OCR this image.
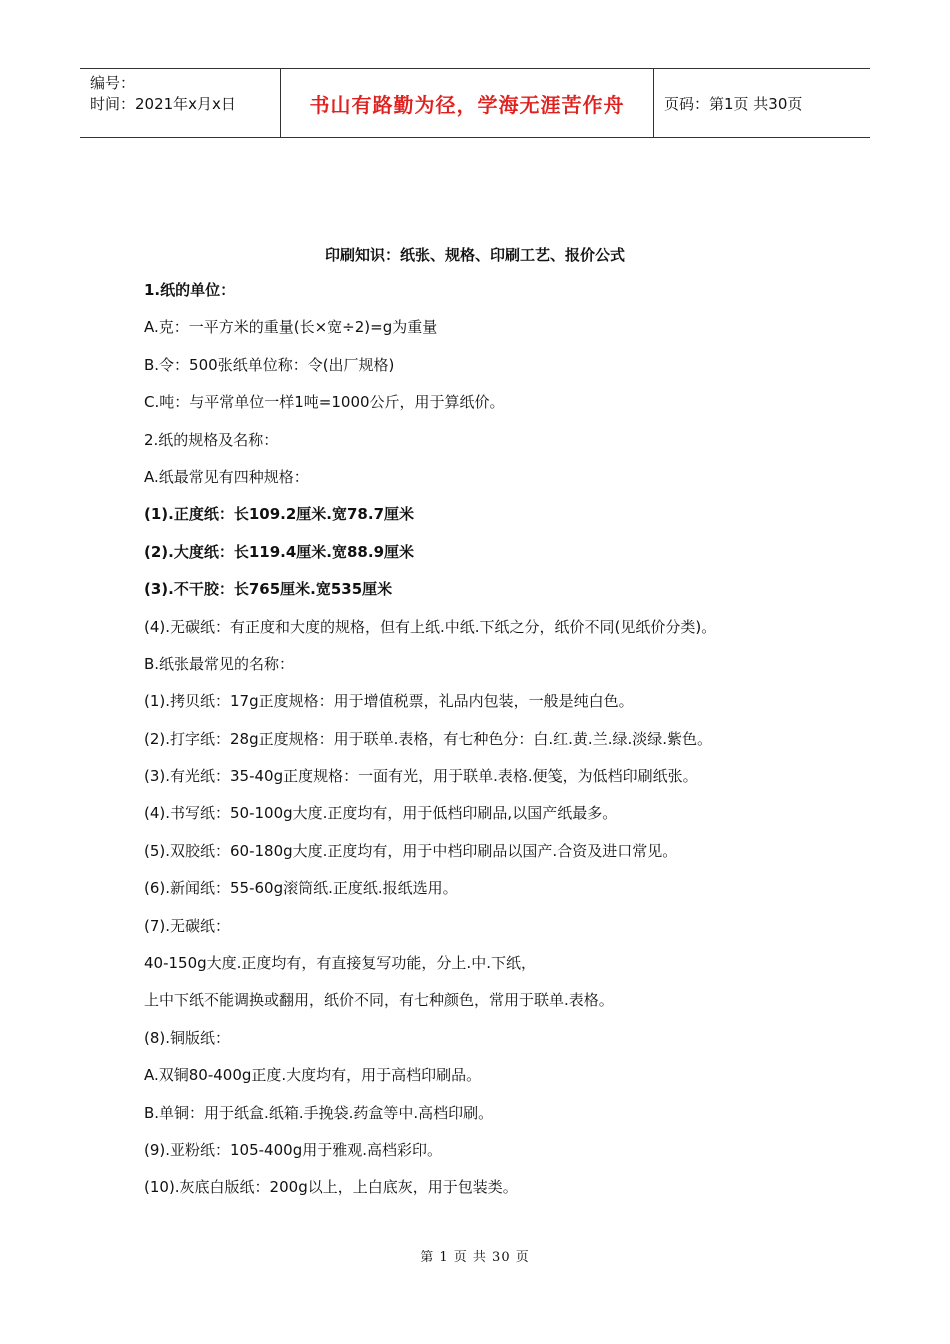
编号：
时间：2021年x月x日	书山有路勤为径，学海无涯苦作舟	页码：第1页 共30页
印刷知识：纸张、规格、印刷工艺、报价公式
1.纸的单位：
A.克：一平方米的重量(长×宽÷2)=g为重量
B.令：500张纸单位称：令(出厂规格)
C.吨：与平常单位一样1吨=1000公斤，用于算纸价。
2.纸的规格及名称：
A.纸最常见有四种规格：
(1).正度纸：长109.2厘米.宽78.7厘米
(2).大度纸：长119.4厘米.宽88.9厘米
(3).不干胶：长765厘米.宽535厘米
(4).无碳纸：有正度和大度的规格，但有上纸.中纸.下纸之分，纸价不同(见纸价分类)。
B.纸张最常见的名称：
(1).拷贝纸：17g正度规格：用于增值税票，礼品内包装，一般是纯白色。
(2).打字纸：28g正度规格：用于联单.表格，有七种色分：白.红.黄.兰.绿.淡绿.紫色。
(3).有光纸：35-40g正度规格：一面有光，用于联单.表格.便笺，为低档印刷纸张。
(4).书写纸：50-100g大度.正度均有，用于低档印刷品,以国产纸最多。
(5).双胶纸：60-180g大度.正度均有，用于中档印刷品以国产.合资及进口常见。
(6).新闻纸：55-60g滚筒纸.正度纸.报纸选用。
(7).无碳纸：
40-150g大度.正度均有，有直接复写功能，分上.中.下纸，
上中下纸不能调换或翻用，纸价不同，有七种颜色，常用于联单.表格。
(8).铜版纸：
A.双铜80-400g正度.大度均有，用于高档印刷品。
B.单铜：用于纸盒.纸箱.手挽袋.药盒等中.高档印刷。
(9).亚粉纸：105-400g用于雅观.高档彩印。
(10).灰底白版纸：200g以上，上白底灰，用于包装类。
第 1 页 共 30 页
